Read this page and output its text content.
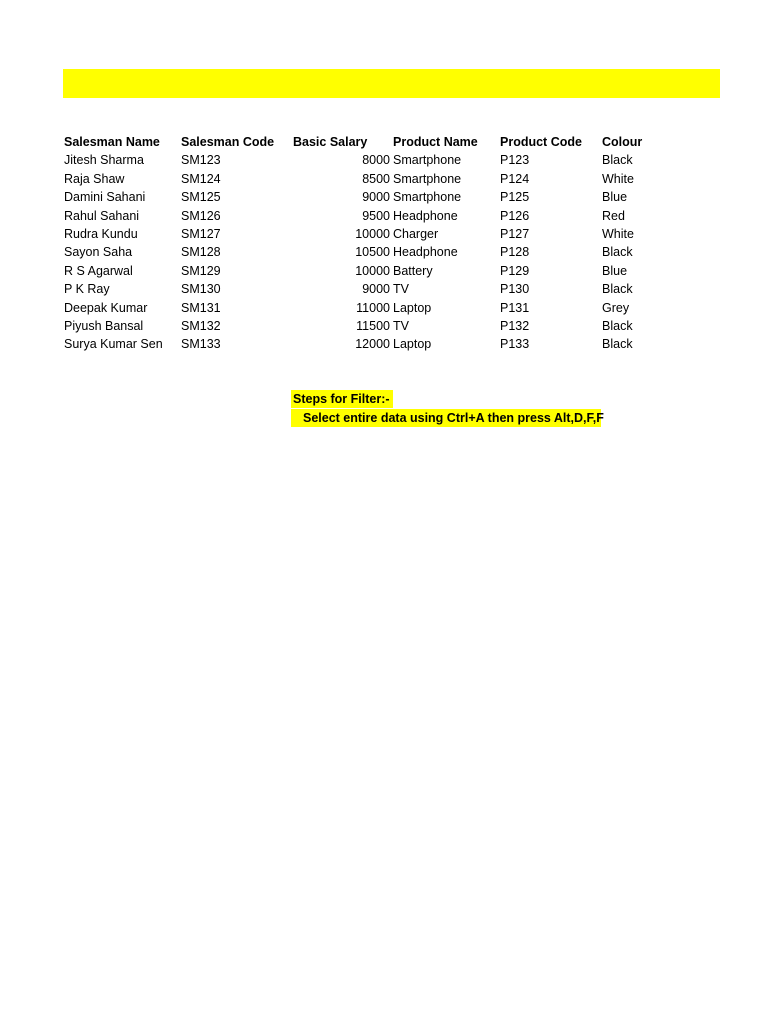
Salesman Name	Salesman Code	Basic Salary	Product Name	Product Code	Colour
Jitesh Sharma	SM123	8000	Smartphone	P123	Black
Raja Shaw	SM124	8500	Smartphone	P124	White
Damini Sahani	SM125	9000	Smartphone	P125	Blue
Rahul Sahani	SM126	9500	Headphone	P126	Red
Rudra Kundu	SM127	10000	Charger	P127	White
Sayon Saha	SM128	10500	Headphone	P128	Black
R S Agarwal	SM129	10000	Battery	P129	Blue
P K Ray	SM130	9000	TV	P130	Black
Deepak Kumar	SM131	11000	Laptop	P131	Grey
Piyush Bansal	SM132	11500	TV	P132	Black
Surya Kumar Sen	SM133	12000	Laptop	P133	Black
Steps for Filter:-
Select entire data using Ctrl+A then press Alt,D,F,F
